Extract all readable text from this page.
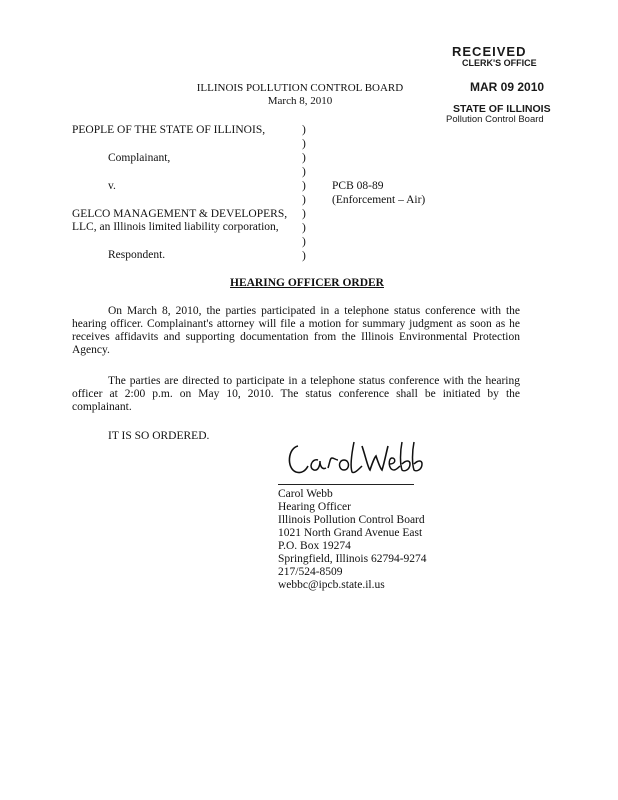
RECEIVED
CLERK'S OFFICE
MAR 09 2010
STATE OF ILLINOIS
Pollution Control Board
ILLINOIS POLLUTION CONTROL BOARD
March 8, 2010
PEOPLE OF THE STATE OF ILLINOIS,
Complainant,
v.
GELCO MANAGEMENT & DEVELOPERS,
LLC, an Illinois limited liability corporation,
Respondent.
)
)
)
)
)
)
)
)
)
)
PCB 08-89
(Enforcement – Air)
HEARING OFFICER ORDER
On March 8, 2010, the parties participated in a telephone status conference with the hearing officer. Complainant's attorney will file a motion for summary judgment as soon as he receives affidavits and supporting documentation from the Illinois Environmental Protection Agency.
The parties are directed to participate in a telephone status conference with the hearing officer at 2:00 p.m. on May 10, 2010. The status conference shall be initiated by the complainant.
IT IS SO ORDERED.
Carol Webb
Hearing Officer
Illinois Pollution Control Board
1021 North Grand Avenue East
P.O. Box 19274
Springfield, Illinois 62794-9274
217/524-8509
webbc@ipcb.state.il.us
